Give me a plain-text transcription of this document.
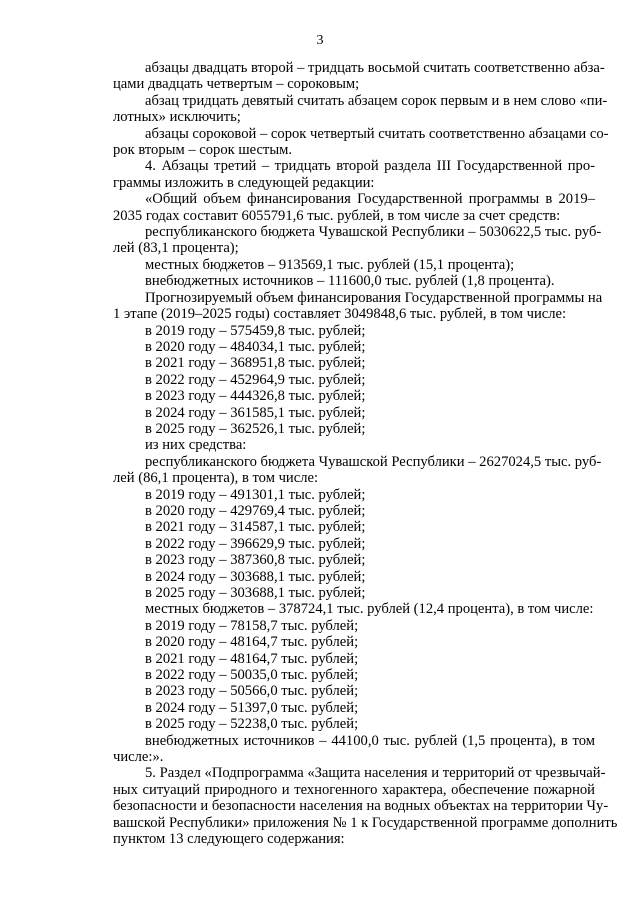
3
абзацы двадцать второй – тридцать восьмой считать соответственно абза-
цами двадцать четвертым – сороковым;
абзац тридцать девятый считать абзацем сорок первым и в нем слово «пи-
лотных» исключить;
абзацы сороковой – сорок четвертый считать соответственно абзацами со-
рок вторым – сорок шестым.
4. Абзацы третий – тридцать второй раздела III Государственной про-
граммы изложить в следующей редакции:
«Общий объем финансирования Государственной программы в 2019–
2035 годах составит 6055791,6 тыс. рублей, в том числе за счет средств:
республиканского бюджета Чувашской Республики – 5030622,5 тыс. руб-
лей (83,1 процента);
местных бюджетов – 913569,1 тыс. рублей (15,1 процента);
внебюджетных источников – 111600,0 тыс. рублей (1,8 процента).
Прогнозируемый объем финансирования Государственной программы на
1 этапе (2019–2025 годы) составляет 3049848,6 тыс. рублей, в том числе:
в 2019 году – 575459,8 тыс. рублей;
в 2020 году – 484034,1 тыс. рублей;
в 2021 году – 368951,8 тыс. рублей;
в 2022 году – 452964,9 тыс. рублей;
в 2023 году – 444326,8 тыс. рублей;
в 2024 году – 361585,1 тыс. рублей;
в 2025 году – 362526,1 тыс. рублей;
из них средства:
республиканского бюджета Чувашской Республики – 2627024,5 тыс. руб-
лей (86,1 процента), в том числе:
в 2019 году – 491301,1 тыс. рублей;
в 2020 году – 429769,4 тыс. рублей;
в 2021 году – 314587,1 тыс. рублей;
в 2022 году – 396629,9 тыс. рублей;
в 2023 году – 387360,8 тыс. рублей;
в 2024 году – 303688,1 тыс. рублей;
в 2025 году – 303688,1 тыс. рублей;
местных бюджетов – 378724,1 тыс. рублей (12,4 процента), в том числе:
в 2019 году – 78158,7 тыс. рублей;
в 2020 году – 48164,7 тыс. рублей;
в 2021 году – 48164,7 тыс. рублей;
в 2022 году – 50035,0 тыс. рублей;
в 2023 году – 50566,0 тыс. рублей;
в 2024 году – 51397,0 тыс. рублей;
в 2025 году – 52238,0 тыс. рублей;
внебюджетных источников – 44100,0 тыс. рублей (1,5 процента), в том
числе:».
5. Раздел «Подпрограмма «Защита населения и территорий от чрезвычай-
ных ситуаций природного и техногенного характера, обеспечение пожарной
безопасности и безопасности населения на водных объектах на территории Чу-
вашской Республики» приложения № 1 к Государственной программе дополнить
пунктом 13 следующего содержания:
